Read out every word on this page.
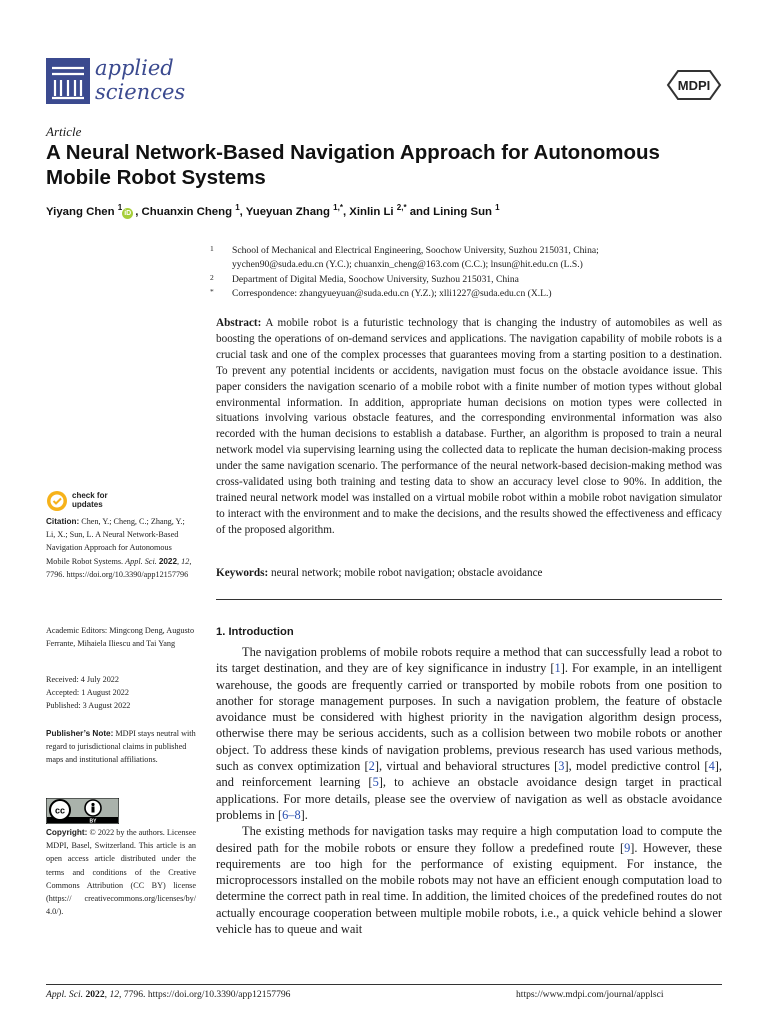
applied
sciences	MDPI
Article
A Neural Network-Based Navigation Approach for Autonomous Mobile Robot Systems
Yiyang Chen $^1$iD , Chuanxin Cheng $^1$, Yueyuan Zhang $^{1,*}$, Xinlin Li $^{2,*}$ and Lining Sun $^1$
1 School of Mechanical and Electrical Engineering, Soochow University, Suzhou 215031, China;
yychen90@suda.edu.cn (Y.C.); chuanxin_cheng@163.com (C.C.); lnsun@hit.edu.cn (L.S.)
2 Department of Digital Media, Soochow University, Suzhou 215031, China
* Correspondence: zhangyueyuan@suda.edu.cn (Y.Z.); xlli1227@suda.edu.cn (X.L.)
Abstract: A mobile robot is a futuristic technology that is changing the industry of automobiles as well as boosting the operations of on-demand services and applications. The navigation capability of mobile robots is a crucial task and one of the complex processes that guarantees moving from a starting position to a destination. To prevent any potential incidents or accidents, navigation must focus on the obstacle avoidance issue. This paper considers the navigation scenario of a mobile robot with a finite number of motion types without global environmental information. In addition, appropriate human decisions on motion types were collected in situations involving various obstacle features, and the corresponding environmental information was also recorded with the human decisions to establish a database. Further, an algorithm is proposed to train a neural network model via supervising learning using the collected data to replicate the human decision-making process under the same navigation scenario. The performance of the neural network-based decision-making method was cross-validated using both training and testing data to show an accuracy level close to 90%. In addition, the trained neural network model was installed on a virtual mobile robot within a mobile robot navigation simulator to interact with the environment and to make the decisions, and the results showed the effectiveness and efficacy of the proposed algorithm.
Keywords: neural network; mobile robot navigation; obstacle avoidance
1. Introduction

The navigation problems of mobile robots require a method that can successfully lead a robot to its target destination, and they are of key significance in industry [1]. For example, in an intelligent warehouse, the goods are frequently carried or transported by mobile robots from one position to another for storage management purposes. In such a navigation problem, the feature of obstacle avoidance must be considered with highest priority in the navigation algorithm design process, otherwise there may be serious accidents, such as a collision between two mobile robots or another object. To address these kinds of navigation problems, previous research has used various methods, such as convex optimization [2], virtual and behavioral structures [3], model predictive control [4], and reinforcement learning [5], to achieve an obstacle avoidance design target in practical applications. For more details, please see the overview of navigation as well as obstacle avoidance problems in [6–8].

The existing methods for navigation tasks may require a high computation load to compute the desired path for the mobile robots or ensure they follow a predefined route [9]. However, these requirements are too high for the performance of existing equipment. For instance, the microprocessors installed on the mobile robots may not have an efficient enough computation load to determine the correct path in real time. In addition, the limited choices of the predefined routes do not actually encourage cooperation between multiple mobile robots, i.e., a quick vehicle behind a slower vehicle has to queue and wait

check for
updates
Citation: Chen, Y.; Cheng, C.; Zhang, Y.; Li, X.; Sun, L. A Neural Network-Based Navigation Approach for Autonomous Mobile Robot Systems. Appl. Sci. 2022, 12, 7796. https://doi.org/10.3390/app12157796
Academic Editors: Mingcong Deng, Augusto Ferrante, Mihaiela Iliescu and Tai Yang
Received: 4 July 2022
Accepted: 1 August 2022
Published: 3 August 2022
Publisher’s Note: MDPI stays neutral with regard to jurisdictional claims in published maps and institutional affiliations.
cc
BY
Copyright: © 2022 by the authors. Licensee MDPI, Basel, Switzerland. This article is an open access article distributed under the terms and conditions of the Creative Commons Attribution (CC BY) license (https:// creativecommons.org/licenses/by/ 4.0/).
Appl. Sci. 2022, 12, 7796. https://doi.org/10.3390/app12157796	https://www.mdpi.com/journal/applsci
